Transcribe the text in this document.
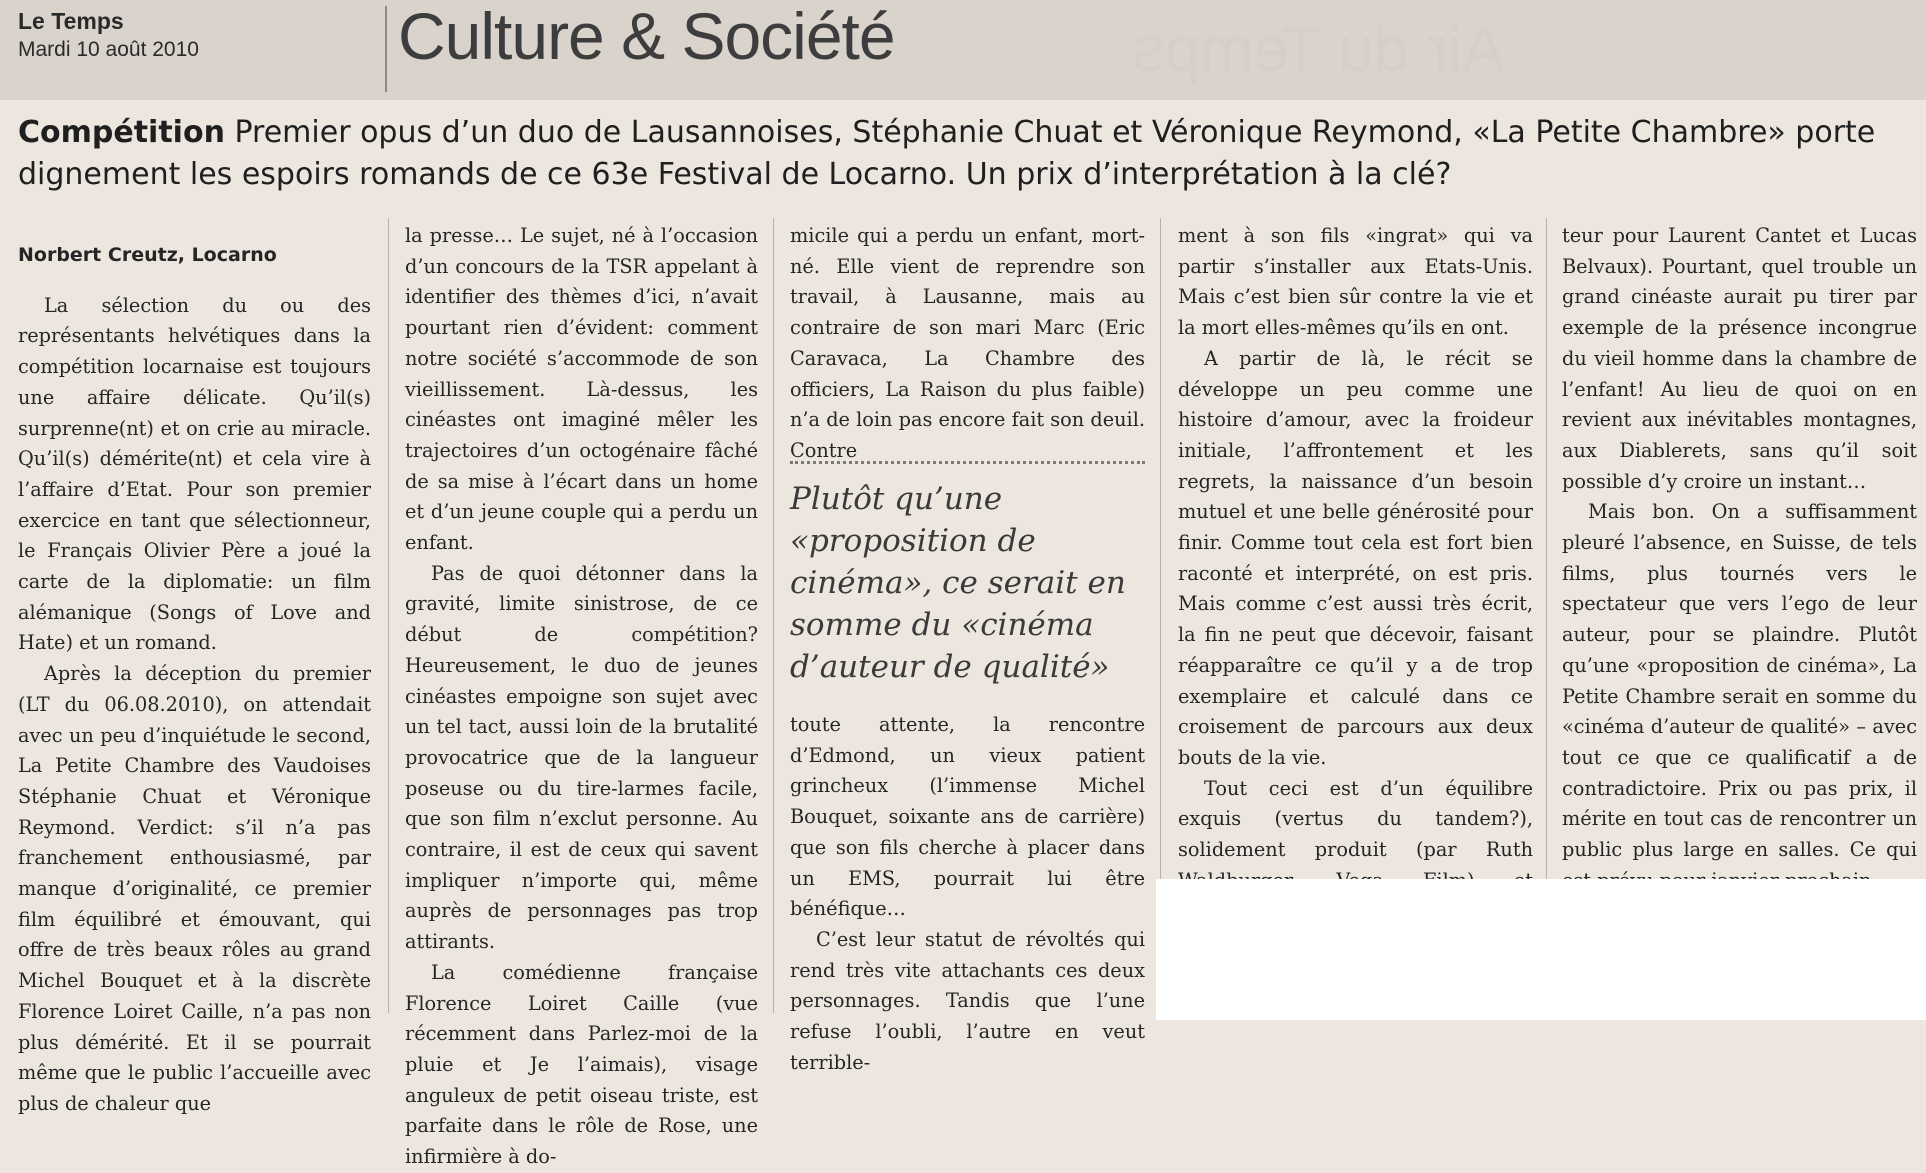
Air du Temps
Le Temps
Mardi 10 août 2010	Culture & Société
Compétition Premier opus d’un duo de Lausannoises, Stéphanie Chuat et Véronique Reymond, «La Petite Chambre» porte dignement les espoirs romands de ce 63e Festival de Locarno. Un prix d’interprétation à la clé?
Norbert Creutz, Locarno

La sélection du ou des représentants helvétiques dans la compétition locarnaise est toujours une affaire délicate. Qu’il(s) surprenne(nt) et on crie au miracle. Qu’il(s) démérite(nt) et cela vire à l’affaire d’Etat. Pour son premier exercice en tant que sélectionneur, le Français Olivier Père a joué la carte de la diplomatie: un film alémanique (Songs of Love and Hate) et un romand.

Après la déception du premier (LT du 06.08.2010), on attendait avec un peu d’inquiétude le second, La Petite Chambre des Vaudoises Stéphanie Chuat et Véronique Reymond. Verdict: s’il n’a pas franchement enthousiasmé, par manque d’originalité, ce premier film équilibré et émouvant, qui offre de très beaux rôles au grand Michel Bouquet et à la discrète Florence Loiret Caille, n’a pas non plus démérité. Et il se pourrait même que le public l’accueille avec plus de chaleur que

la presse… Le sujet, né à l’occasion d’un concours de la TSR appelant à identifier des thèmes d’ici, n’avait pourtant rien d’évident: comment notre société s’accommode de son vieillissement. Là-dessus, les cinéastes ont imaginé mêler les trajectoires d’un octogénaire fâché de sa mise à l’écart dans un home et d’un jeune couple qui a perdu un enfant.

Pas de quoi détonner dans la gravité, limite sinistrose, de ce début de compétition? Heureusement, le duo de jeunes cinéastes empoigne son sujet avec un tel tact, aussi loin de la brutalité provocatrice que de la langueur poseuse ou du tire-larmes facile, que son film n’exclut personne. Au contraire, il est de ceux qui savent impliquer n’importe qui, même auprès de personnages pas trop attirants.

La comédienne française Florence Loiret Caille (vue récemment dans Parlez-moi de la pluie et Je l’aimais), visage anguleux de petit oiseau triste, est parfaite dans le rôle de Rose, une infirmière à do-

micile qui a perdu un enfant, mort-né. Elle vient de reprendre son travail, à Lausanne, mais au contraire de son mari Marc (Eric Caravaca, La Chambre des officiers, La Raison du plus faible) n’a de loin pas encore fait son deuil. Contre

Plutôt qu’une «proposition de cinéma», ce serait en somme du «cinéma d’auteur de qualité»

toute attente, la rencontre d’Edmond, un vieux patient grincheux (l’immense Michel Bouquet, soixante ans de carrière) que son fils cherche à placer dans un EMS, pourrait lui être bénéfique…

C’est leur statut de révoltés qui rend très vite attachants ces deux personnages. Tandis que l’une refuse l’oubli, l’autre en veut terrible-

ment à son fils «ingrat» qui va partir s’installer aux Etats-Unis. Mais c’est bien sûr contre la vie et la mort elles-mêmes qu’ils en ont.

A partir de là, le récit se développe un peu comme une histoire d’amour, avec la froideur initiale, l’affrontement et les regrets, la naissance d’un besoin mutuel et une belle générosité pour finir. Comme tout cela est fort bien raconté et interprété, on est pris. Mais comme c’est aussi très écrit, la fin ne peut que décevoir, faisant réapparaître ce qu’il y a de trop exemplaire et calculé dans ce croisement de parcours aux deux bouts de la vie.

Tout ceci est d’un équilibre exquis (vertus du tandem?), solidement produit (par Ruth

teur pour Laurent Cantet et Lucas Belvaux). Pourtant, quel trouble un grand cinéaste aurait pu tirer par exemple de la présence incongrue du vieil homme dans la chambre de l’enfant! Au lieu de quoi on en revient aux inévitables montagnes, aux Diablerets, sans qu’il soit possible d’y croire un instant…

Mais bon. On a suffisamment pleuré l’absence, en Suisse, de tels films, plus tournés vers le spectateur que vers l’ego de leur auteur, pour se plaindre. Plutôt qu’une «proposition de cinéma», La Petite Chambre serait en somme du «cinéma d’auteur de qualité» – avec tout ce que ce qualificatif a de contradictoire. Prix ou pas prix, il mérite en tout cas de rencontrer un public plus large en salles. Ce qui
